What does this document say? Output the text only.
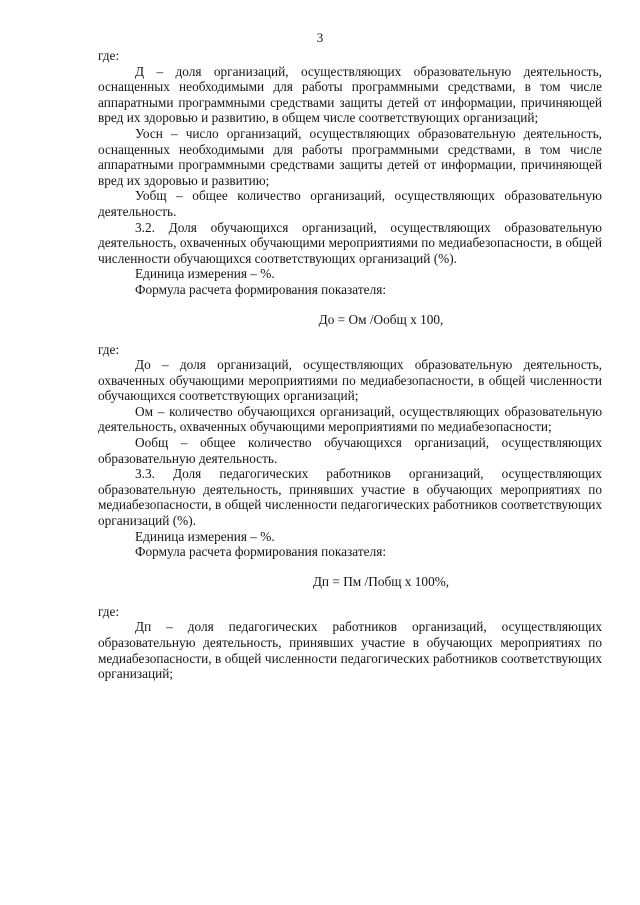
3

где:

Д – доля организаций, осуществляющих образовательную деятельность, оснащенных необходимыми для работы программными средствами, в том числе аппаратными программными средствами защиты детей от информации, причиняющей вред их здоровью и развитию, в общем числе соответствующих организаций;

Уосн – число организаций, осуществляющих образовательную деятельность, оснащенных необходимыми для работы программными средствами, в том числе аппаратными программными средствами защиты детей от информации, причиняющей вред их здоровью и развитию;

Уобщ – общее количество организаций, осуществляющих образовательную деятельность.

3.2. Доля обучающихся организаций, осуществляющих образовательную деятельность, охваченных обучающими мероприятиями по медиабезопасности, в общей численности обучающихся соответствующих организаций (%).

Единица измерения – %.

Формула расчета формирования показателя:

До = Ом /Ообщ х 100,

где:

До – доля организаций, осуществляющих образовательную деятельность, охваченных обучающими мероприятиями по медиабезопасности, в общей численности обучающихся соответствующих организаций;

Ом – количество обучающихся организаций, осуществляющих образовательную деятельность, охваченных обучающими мероприятиями по медиабезопасности;

Ообщ – общее количество обучающихся организаций, осуществляющих образовательную деятельность.

3.3. Доля педагогических работников организаций, осуществляющих образовательную деятельность, принявших участие в обучающих мероприятиях по медиабезопасности, в общей численности педагогических работников соответствующих организаций (%).

Единица измерения – %.

Формула расчета формирования показателя:

Дп = Пм /Побщ х 100%,

где:

Дп – доля педагогических работников организаций, осуществляющих образовательную деятельность, принявших участие в обучающих мероприятиях по медиабезопасности, в общей численности педагогических работников соответствующих организаций;
